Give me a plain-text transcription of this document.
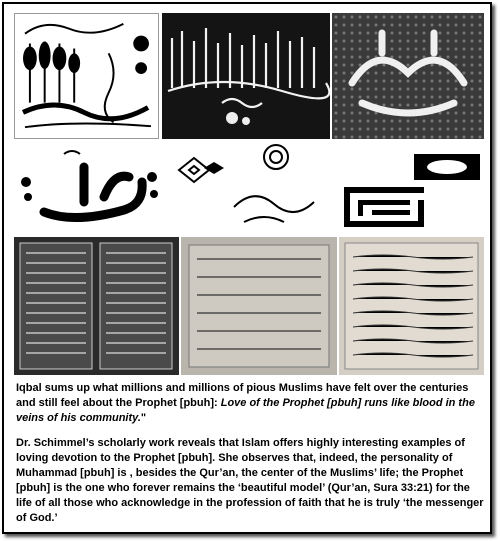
Iqbal sums up what millions and millions of pious Muslims have felt over the centuries and still feel about the Prophet [pbuh]: Love of the Prophet [pbuh] runs like blood in the veins of his community."

Dr. Schimmel’s scholarly work reveals that Islam offers highly interesting examples of loving devotion to the Prophet [pbuh]. She observes that, indeed, the personality of Muhammad [pbuh] is , besides the Qur’an, the center of the Muslims’ life; the Prophet [pbuh] is the one who forever remains the ‘beautiful model’ (Qur’an, Sura 33:21) for the life of all those who acknowledge in the profession of faith that he is truly ‘the messenger of God.’
